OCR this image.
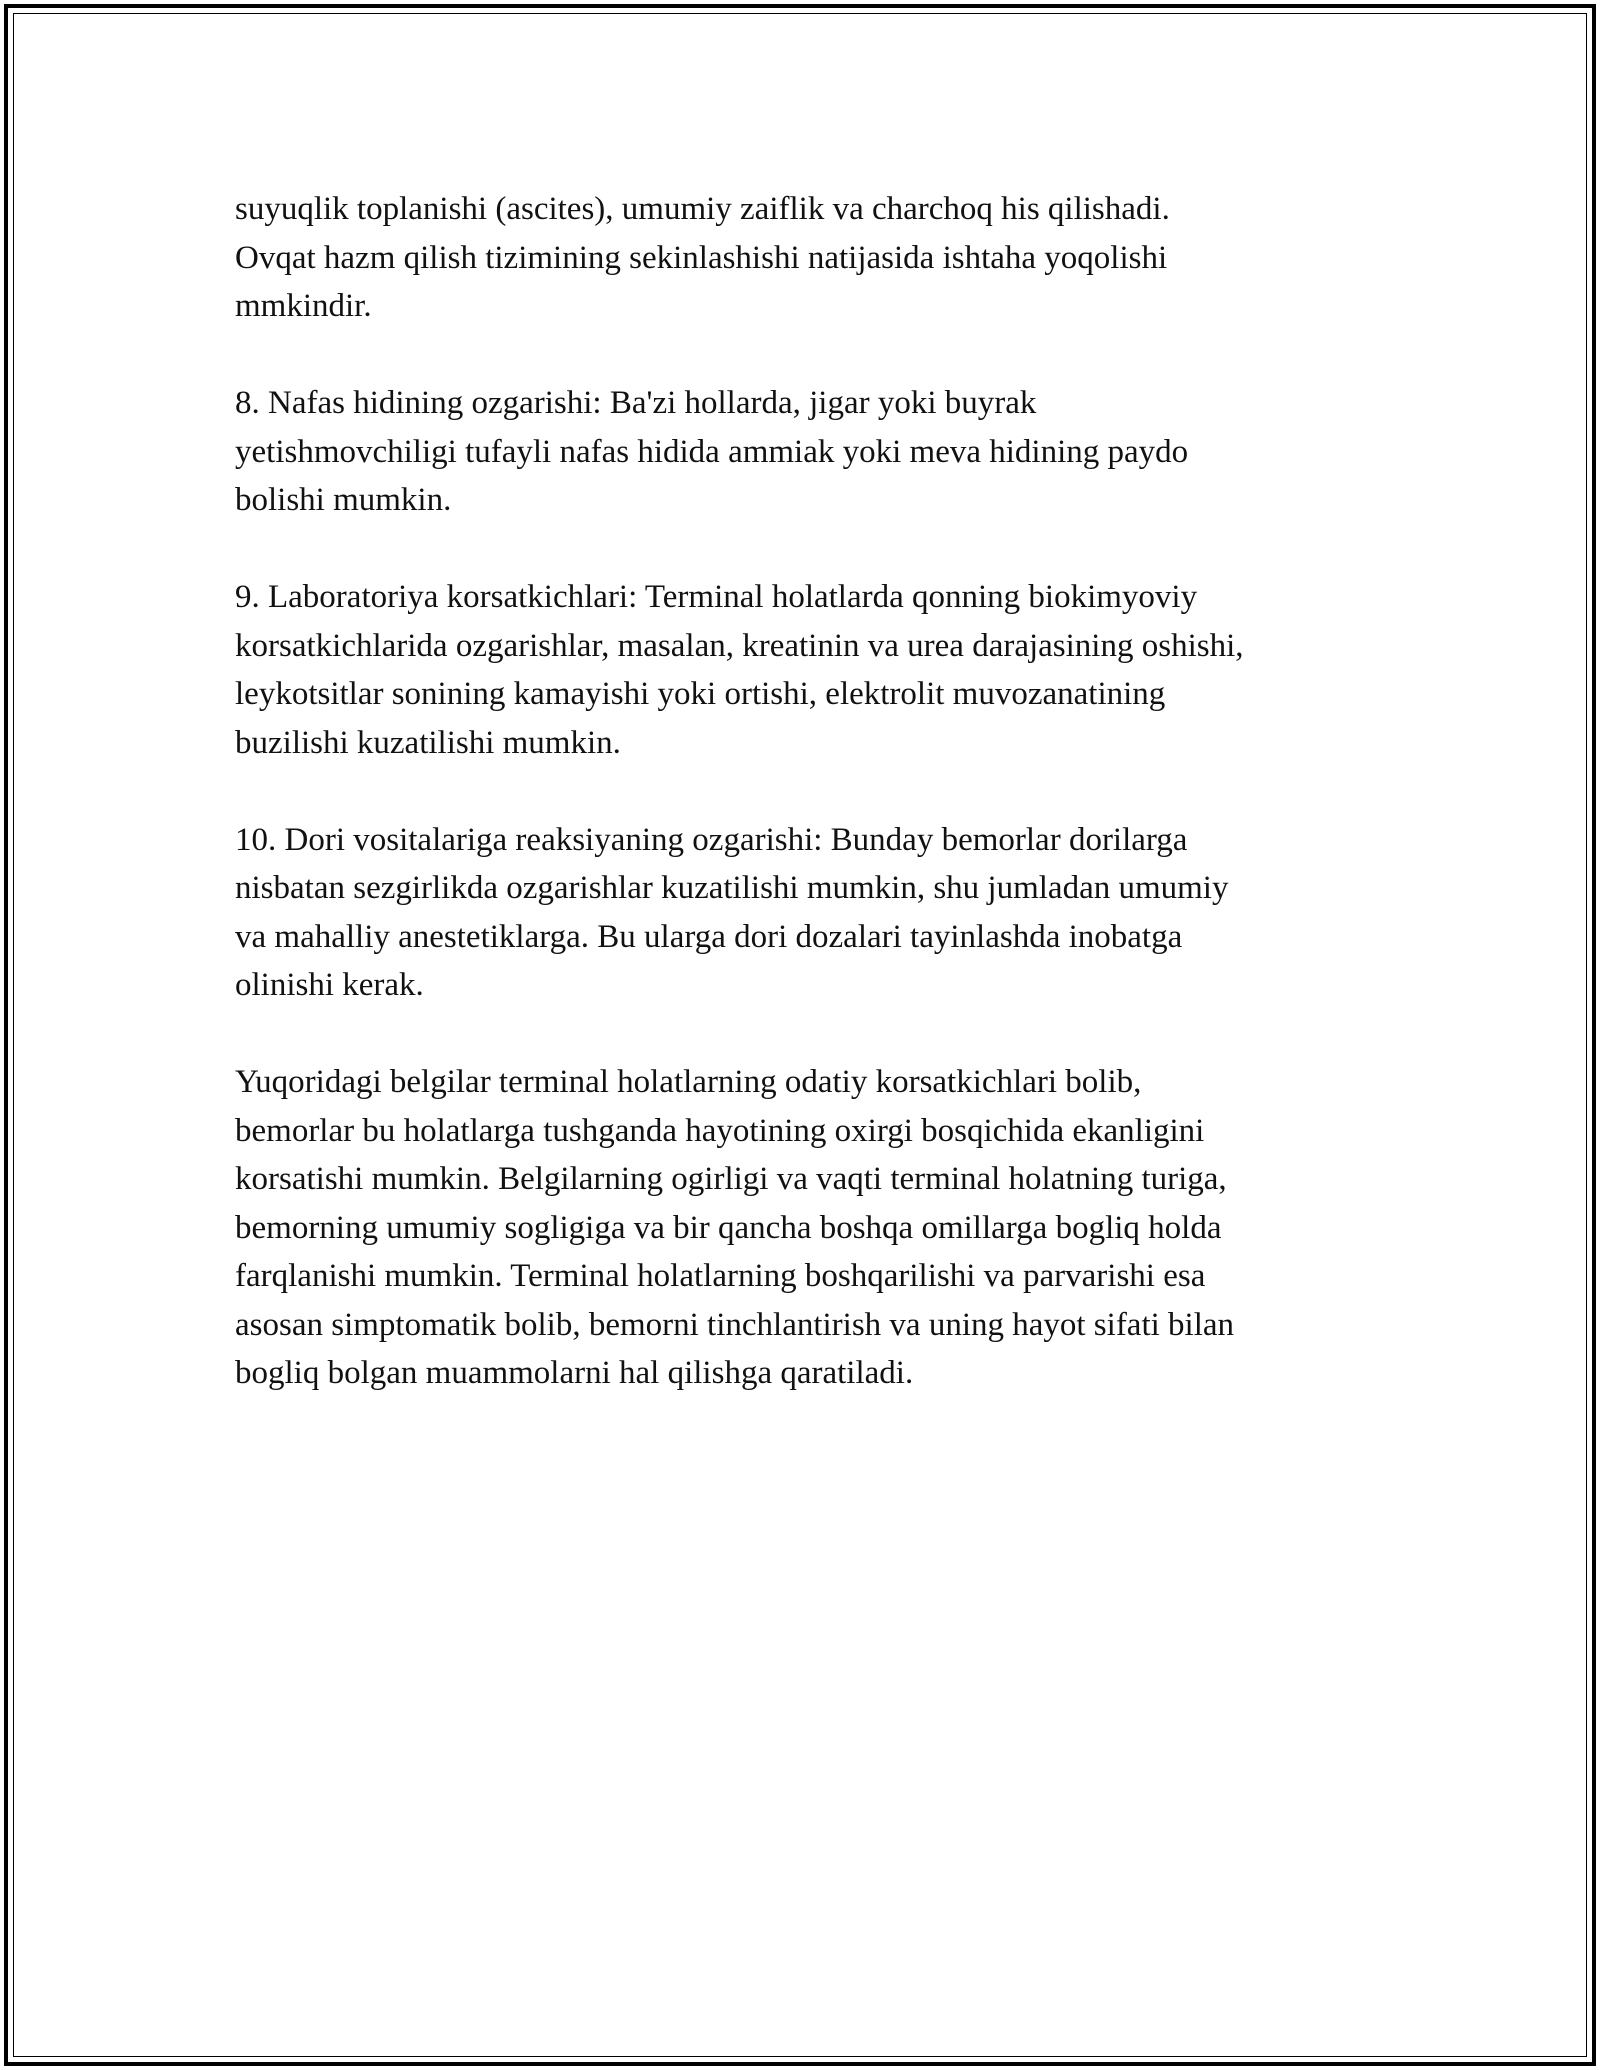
suyuqlik toplanishi (ascites), umumiy zaiflik va charchoq his qilishadi.
Ovqat hazm qilish tizimining sekinlashishi natijasida ishtaha yoqolishi
mmkindir.

8. Nafas hidining ozgarishi: Ba'zi hollarda, jigar yoki buyrak
yetishmovchiligi tufayli nafas hidida ammiak yoki meva hidining paydo
bolishi mumkin.

9. Laboratoriya korsatkichlari: Terminal holatlarda qonning biokimyoviy
korsatkichlarida ozgarishlar, masalan, kreatinin va urea darajasining oshishi,
leykotsitlar sonining kamayishi yoki ortishi, elektrolit muvozanatining
buzilishi kuzatilishi mumkin.

10. Dori vositalariga reaksiyaning ozgarishi: Bunday bemorlar dorilarga
nisbatan sezgirlikda ozgarishlar kuzatilishi mumkin, shu jumladan umumiy
va mahalliy anestetiklarga. Bu ularga dori dozalari tayinlashda inobatga
olinishi kerak.

Yuqoridagi belgilar terminal holatlarning odatiy korsatkichlari bolib,
bemorlar bu holatlarga tushganda hayotining oxirgi bosqichida ekanligini
korsatishi mumkin. Belgilarning ogirligi va vaqti terminal holatning turiga,
bemorning umumiy sogligiga va bir qancha boshqa omillarga bogliq holda
farqlanishi mumkin. Terminal holatlarning boshqarilishi va parvarishi esa
asosan simptomatik bolib, bemorni tinchlantirish va uning hayot sifati bilan
bogliq bolgan muammolarni hal qilishga qaratiladi.
